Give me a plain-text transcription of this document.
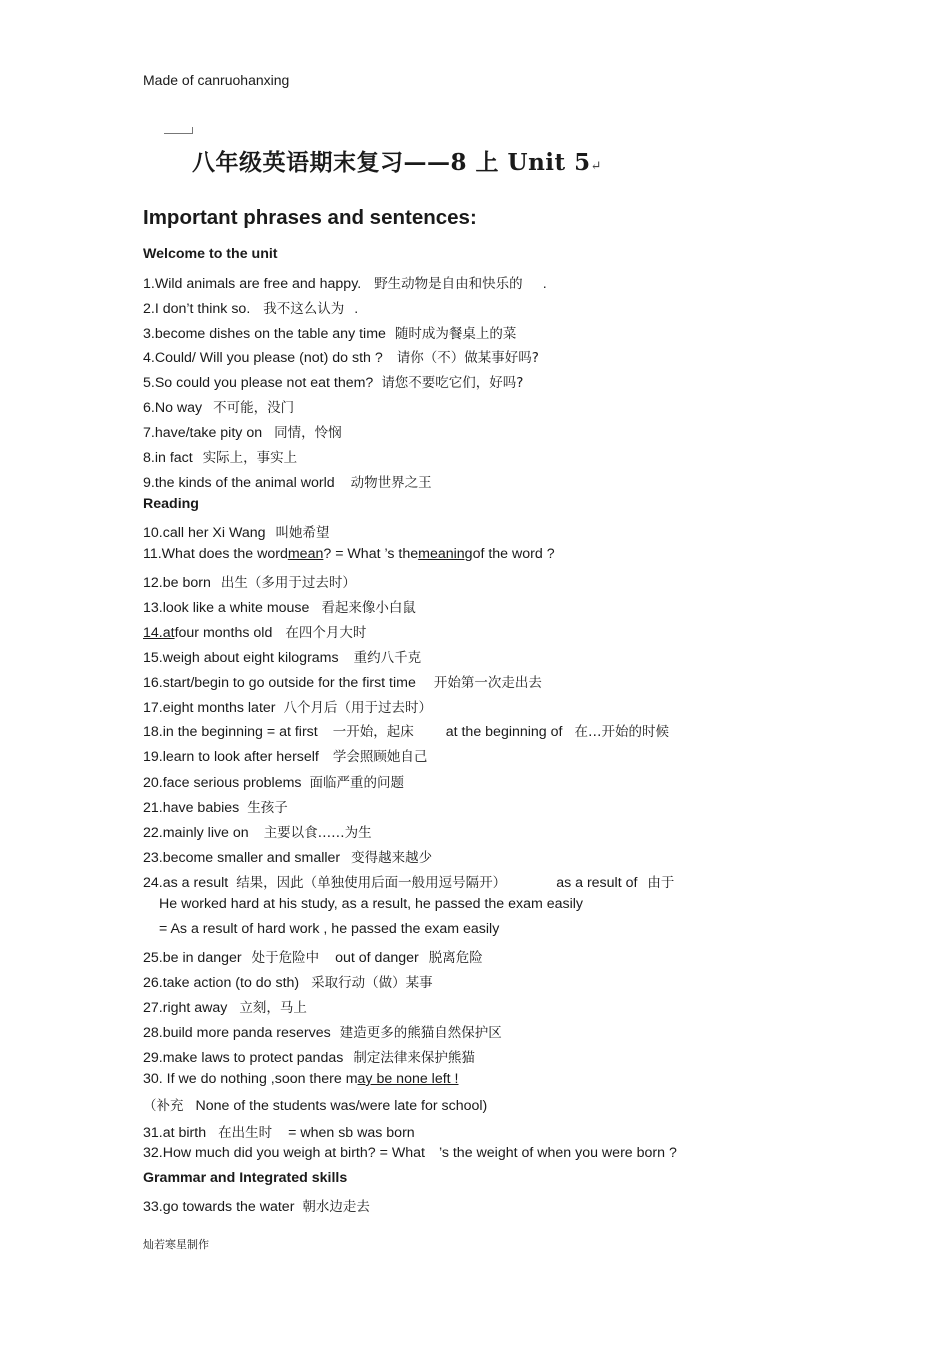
Made of canruohanxing
八年级英语期末复习——8 上 Unit 5↵
Important phrases and sentences:
Welcome to the unit
1.Wild animals are free and happy. 野生动物是自由和快乐的 .
2.I don’t think so. 我不这么认为 .
3.become dishes on the table any time 随时成为餐桌上的菜
4.Could/ Will you please (not) do sth ? 请你（不）做某事好吗?
5.So could you please not eat them? 请您不要吃它们，好吗?
6.No way 不可能，没门
7.have/take pity on 同情，怜悯
8.in fact 实际上，事实上
9.the kinds of the animal world 动物世界之王
Reading
10.call her Xi Wang 叫她希望
11.What does the wordmean? = What ’s themeaningof the word ?
12.be born 出生（多用于过去时）
13.look like a white mouse 看起来像小白鼠
14.atfour months old 在四个月大时
15.weigh about eight kilograms 重约八千克
16.start/begin to go outside for the first time 开始第一次走出去
17.eight months later 八个月后（用于过去时）
18.in the beginning = at first 一开始，起床 at the beginning of 在…开始的时候
19.learn to look after herself 学会照顾她自己
20.face serious problems 面临严重的问题
21.have babies 生孩子
22.mainly live on 主要以食……为生
23.become smaller and smaller 变得越来越少
24.as a result 结果，因此（单独使用后面一般用逗号隔开）	as a result of 由于
He worked hard at his study, as a result, he passed the exam easily
= As a result of hard work , he passed the exam easily
25.be in danger 处于危险中 out of danger 脱离危险
26.take action (to do sth) 采取行动（做）某事
27.right away 立刻，马上
28.build more panda reserves 建造更多的熊猫自然保护区
29.make laws to protect pandas 制定法律来保护熊猫
30. If we do nothing ,soon there may be none left !
（补充 None of the students was/were late for school)
31.at birth 在出生时 = when sb was born
32.How much did you weigh at birth? = What ’s the weight of when you were born ?
Grammar and Integrated skills
33.go towards the water 朝水边走去
灿若寒星制作
